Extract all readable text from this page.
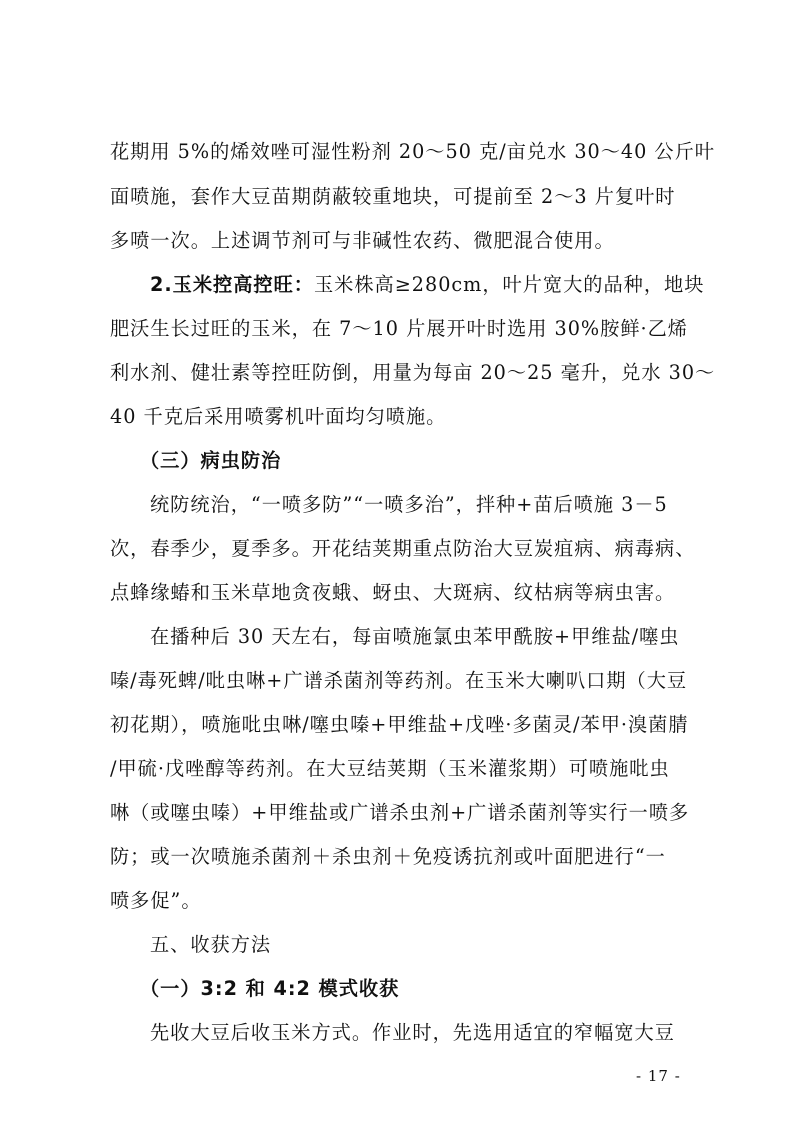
花期用 5%的烯效唑可湿性粉剂 20～50 克/亩兑水 30～40 公斤叶
面喷施，套作大豆苗期荫蔽较重地块，可提前至 2～3 片复叶时
多喷一次。上述调节剂可与非碱性农药、微肥混合使用。
2.玉米控高控旺：玉米株高≥280cm，叶片宽大的品种，地块
肥沃生长过旺的玉米，在 7～10 片展开叶时选用 30%胺鲜·乙烯
利水剂、健壮素等控旺防倒，用量为每亩 20～25 毫升，兑水 30～
40 千克后采用喷雾机叶面均匀喷施。
（三）病虫防治
统防统治，“一喷多防”“一喷多治”，拌种+苗后喷施 3－5
次，春季少，夏季多。开花结荚期重点防治大豆炭疽病、病毒病、
点蜂缘蝽和玉米草地贪夜蛾、蚜虫、大斑病、纹枯病等病虫害。
在播种后 30 天左右，每亩喷施氯虫苯甲酰胺+甲维盐/噻虫
嗪/毒死蜱/吡虫啉+广谱杀菌剂等药剂。在玉米大喇叭口期（大豆
初花期），喷施吡虫啉/噻虫嗪+甲维盐+戊唑·多菌灵/苯甲·溴菌腈
/甲硫·戊唑醇等药剂。在大豆结荚期（玉米灌浆期）可喷施吡虫
啉（或噻虫嗪）+甲维盐或广谱杀虫剂+广谱杀菌剂等实行一喷多
防；或一次喷施杀菌剂＋杀虫剂＋免疫诱抗剂或叶面肥进行“一
喷多促”。
五、收获方法
（一）3:2 和 4:2 模式收获
先收大豆后收玉米方式。作业时，先选用适宜的窄幅宽大豆
- 17 -
